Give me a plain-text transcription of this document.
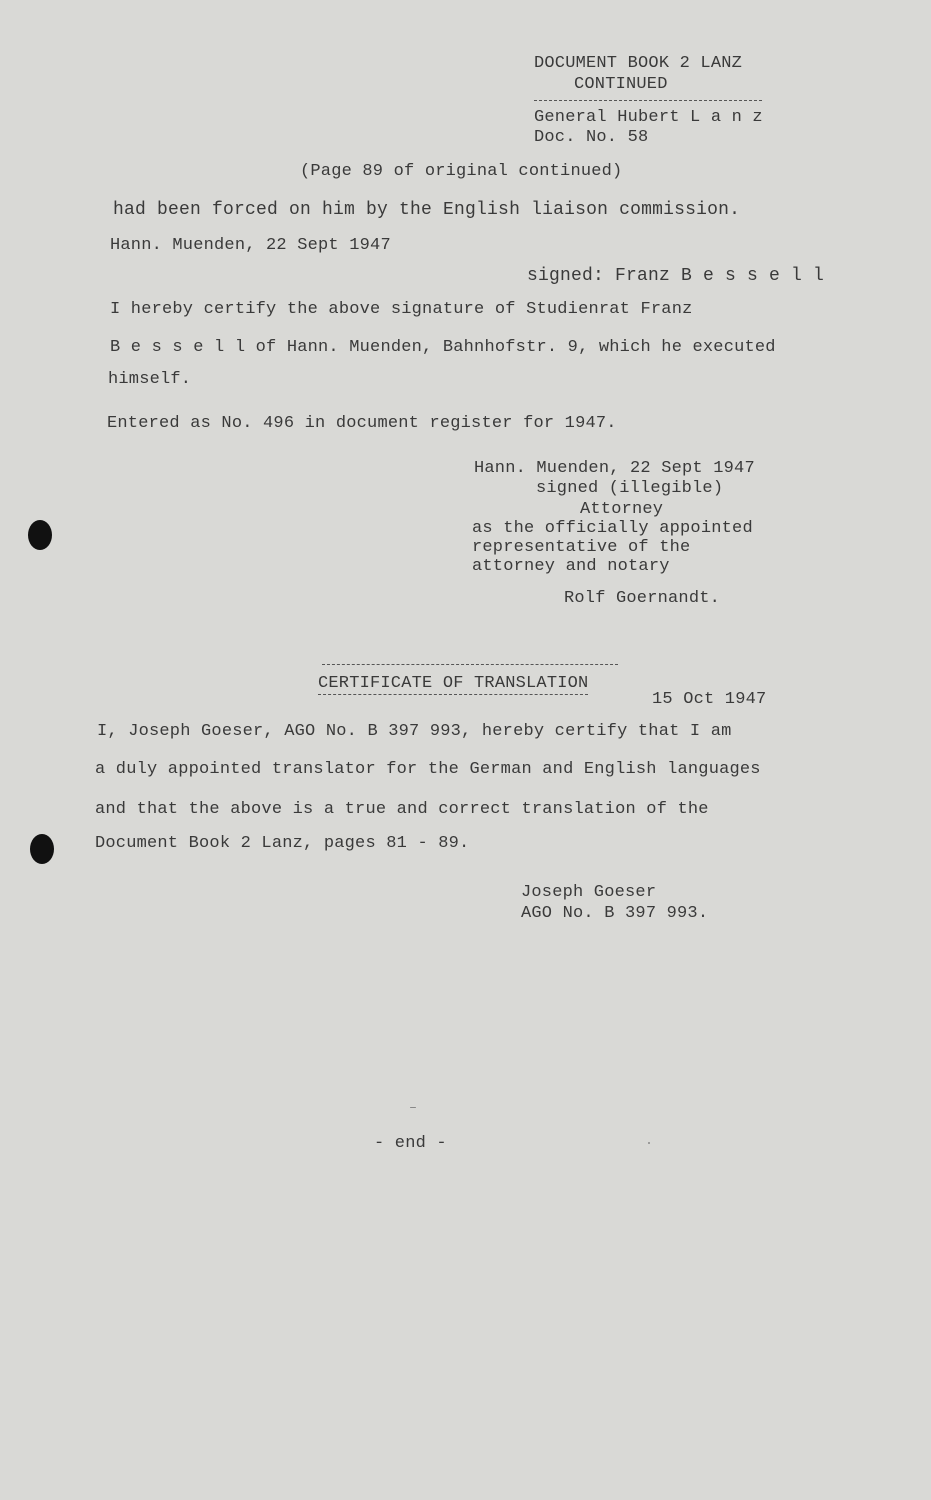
DOCUMENT BOOK 2 LANZ
CONTINUED
General Hubert L a n z
Doc. No. 58
(Page 89 of original continued)
had been forced on him by the English liaison commission.
Hann. Muenden, 22 Sept 1947
signed: Franz B e s s e l l
I hereby certify the above signature of Studienrat Franz
B e s s e l l of Hann. Muenden, Bahnhofstr. 9, which he executed
himself.
Entered as No. 496 in document register for 1947.
Hann. Muenden, 22 Sept 1947
signed (illegible)
Attorney
as the officially appointed
representative of the
attorney and notary
Rolf Goernandt.
CERTIFICATE OF TRANSLATION
15 Oct 1947
I, Joseph Goeser, AGO No. B 397 993, hereby certify that I am
a duly appointed translator for the German and English languages
and that the above is a true and correct translation of the
Document Book 2 Lanz, pages 81 - 89.
Joseph Goeser
AGO No. B 397 993.
- end -
